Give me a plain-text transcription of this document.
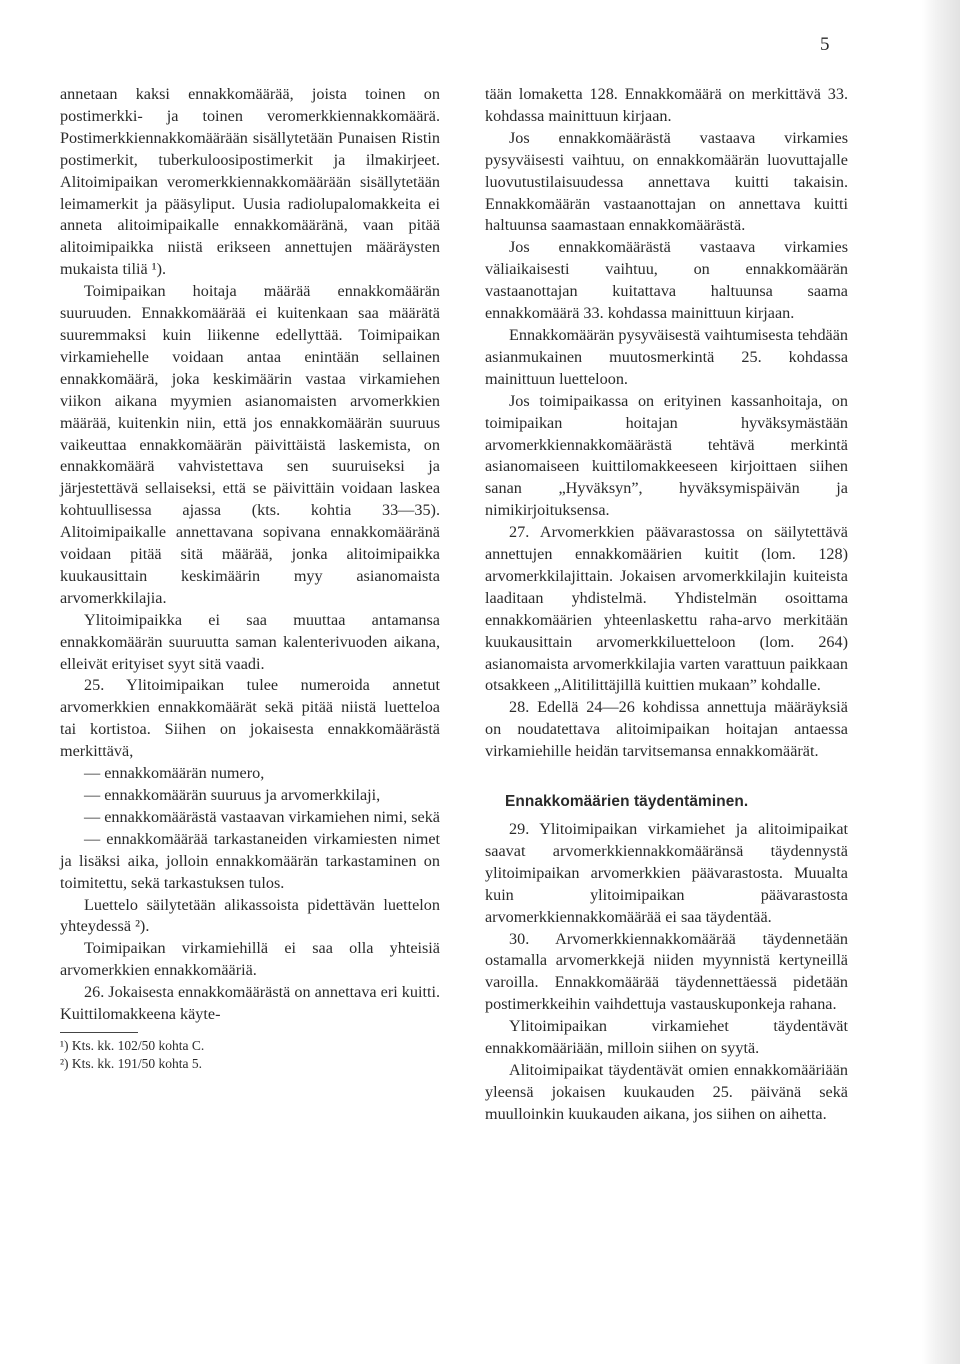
5

annetaan kaksi ennakkomäärää, joista toinen on postimerkki- ja toinen veromerkkiennakkomäärä. Postimerkkiennakkomäärään sisällytetään Punaisen Ristin postimerkit, tuberkuloosipostimerkit ja ilmakirjeet. Alitoimipaikan veromerkkiennakkomäärään sisällytetään leimamerkit ja pääsyliput. Uusia radiolupalomakkeita ei anneta alitoimipaikalle ennakkomääränä, vaan pitää alitoimipaikka niistä erikseen annettujen määräysten mukaista tiliä ¹).

Toimipaikan hoitaja määrää ennakkomäärän suuruuden. Ennakkomäärää ei kuitenkaan saa määrätä suuremmaksi kuin liikenne edellyttää. Toimipaikan virkamiehelle voidaan antaa enintään sellainen ennakkomäärä, joka keskimäärin vastaa virkamiehen viikon aikana myymien asianomaisten arvomerkkien määrää, kuitenkin niin, että jos ennakkomäärän suuruus vaikeuttaa ennakkomäärän päivittäistä laskemista, on ennakkomäärä vahvistettava sen suuruiseksi ja järjestettävä sellaiseksi, että se päivittäin voidaan laskea kohtuullisessa ajassa (kts. kohtia 33—35). Alitoimipaikalle annettavana sopivana ennakkomääränä voidaan pitää sitä määrää, jonka alitoimipaikka kuukausittain keskimäärin myy asianomaista arvomerkkilajia.

Ylitoimipaikka ei saa muuttaa antamansa ennakkomäärän suuruutta saman kalenterivuoden aikana, elleivät erityiset syyt sitä vaadi.

25. Ylitoimipaikan tulee numeroida annetut arvomerkkien ennakkomäärät sekä pitää niistä luetteloa tai kortistoa. Siihen on jokaisesta ennakkomäärästä merkittävä,

— ennakkomäärän numero,

— ennakkomäärän suuruus ja arvomerkkilaji,

— ennakkomäärästä vastaavan virkamiehen nimi, sekä

— ennakkomäärää tarkastaneiden virkamiesten nimet ja lisäksi aika, jolloin ennakkomäärän tarkastaminen on toimitettu, sekä tarkastuksen tulos.

Luettelo säilytetään alikassoista pidettävän luettelon yhteydessä ²).

Toimipaikan virkamiehillä ei saa olla yhteisiä arvomerkkien ennakkomääriä.

26. Jokaisesta ennakkomäärästä on annettava eri kuitti. Kuittilomakkeena käyte-

¹) Kts. kk. 102/50 kohta C.
²) Kts. kk. 191/50 kohta 5.

tään lomaketta 128. Ennakkomäärä on merkittävä 33. kohdassa mainittuun kirjaan.

Jos ennakkomäärästä vastaava virkamies pysyväisesti vaihtuu, on ennakkomäärän luovuttajalle luovutustilaisuudessa annettava kuitti takaisin. Ennakkomäärän vastaanottajan on annettava kuitti haltuunsa saamastaan ennakkomäärästä.

Jos ennakkomäärästä vastaava virkamies väliaikaisesti vaihtuu, on ennakkomäärän vastaanottajan kuitattava haltuunsa saama ennakkomäärä 33. kohdassa mainittuun kirjaan.

Ennakkomäärän pysyväisestä vaihtumisesta tehdään asianmukainen muutosmerkintä 25. kohdassa mainittuun luetteloon.

Jos toimipaikassa on erityinen kassanhoitaja, on toimipaikan hoitajan hyväksymästään arvomerkkiennakkomäärästä tehtävä merkintä asianomaiseen kuittilomakkeeseen kirjoittaen siihen sanan „Hyväksyn”, hyväksymispäivän ja nimikirjoituksensa.

27. Arvomerkkien päävarastossa on säilytettävä annettujen ennakkomäärien kuitit (lom. 128) arvomerkkilajittain. Jokaisen arvomerkkilajin kuiteista laaditaan yhdistelmä. Yhdistelmän osoittama ennakkomäärien yhteenlaskettu raha-arvo merkitään kuukausittain arvomerkkiluetteloon (lom. 264) asianomaista arvomerkkilajia varten varattuun paikkaan otsakkeen „Alitilittäjillä kuittien mukaan” kohdalle.

28. Edellä 24—26 kohdissa annettuja määräyksiä on noudatettava alitoimipaikan hoitajan antaessa virkamiehille heidän tarvitsemansa ennakkomäärät.

Ennakkomäärien täydentäminen.

29. Ylitoimipaikan virkamiehet ja alitoimipaikat saavat arvomerkkiennakkomääränsä täydennystä ylitoimipaikan arvomerkkien päävarastosta. Muualta kuin ylitoimipaikan päävarastosta arvomerkkiennakkomäärää ei saa täydentää.

30. Arvomerkkiennakkomäärää täydennetään ostamalla arvomerkkejä niiden myynnistä kertyneillä varoilla. Ennakkomäärää täydennettäessä pidetään postimerkkeihin vaihdettuja vastauskuponkeja rahana.

Ylitoimipaikan virkamiehet täydentävät ennakkomääriään, milloin siihen on syytä.

Alitoimipaikat täydentävät omien ennakkomääriään yleensä jokaisen kuukauden 25. päivänä sekä muulloinkin kuukauden aikana, jos siihen on aihetta.
